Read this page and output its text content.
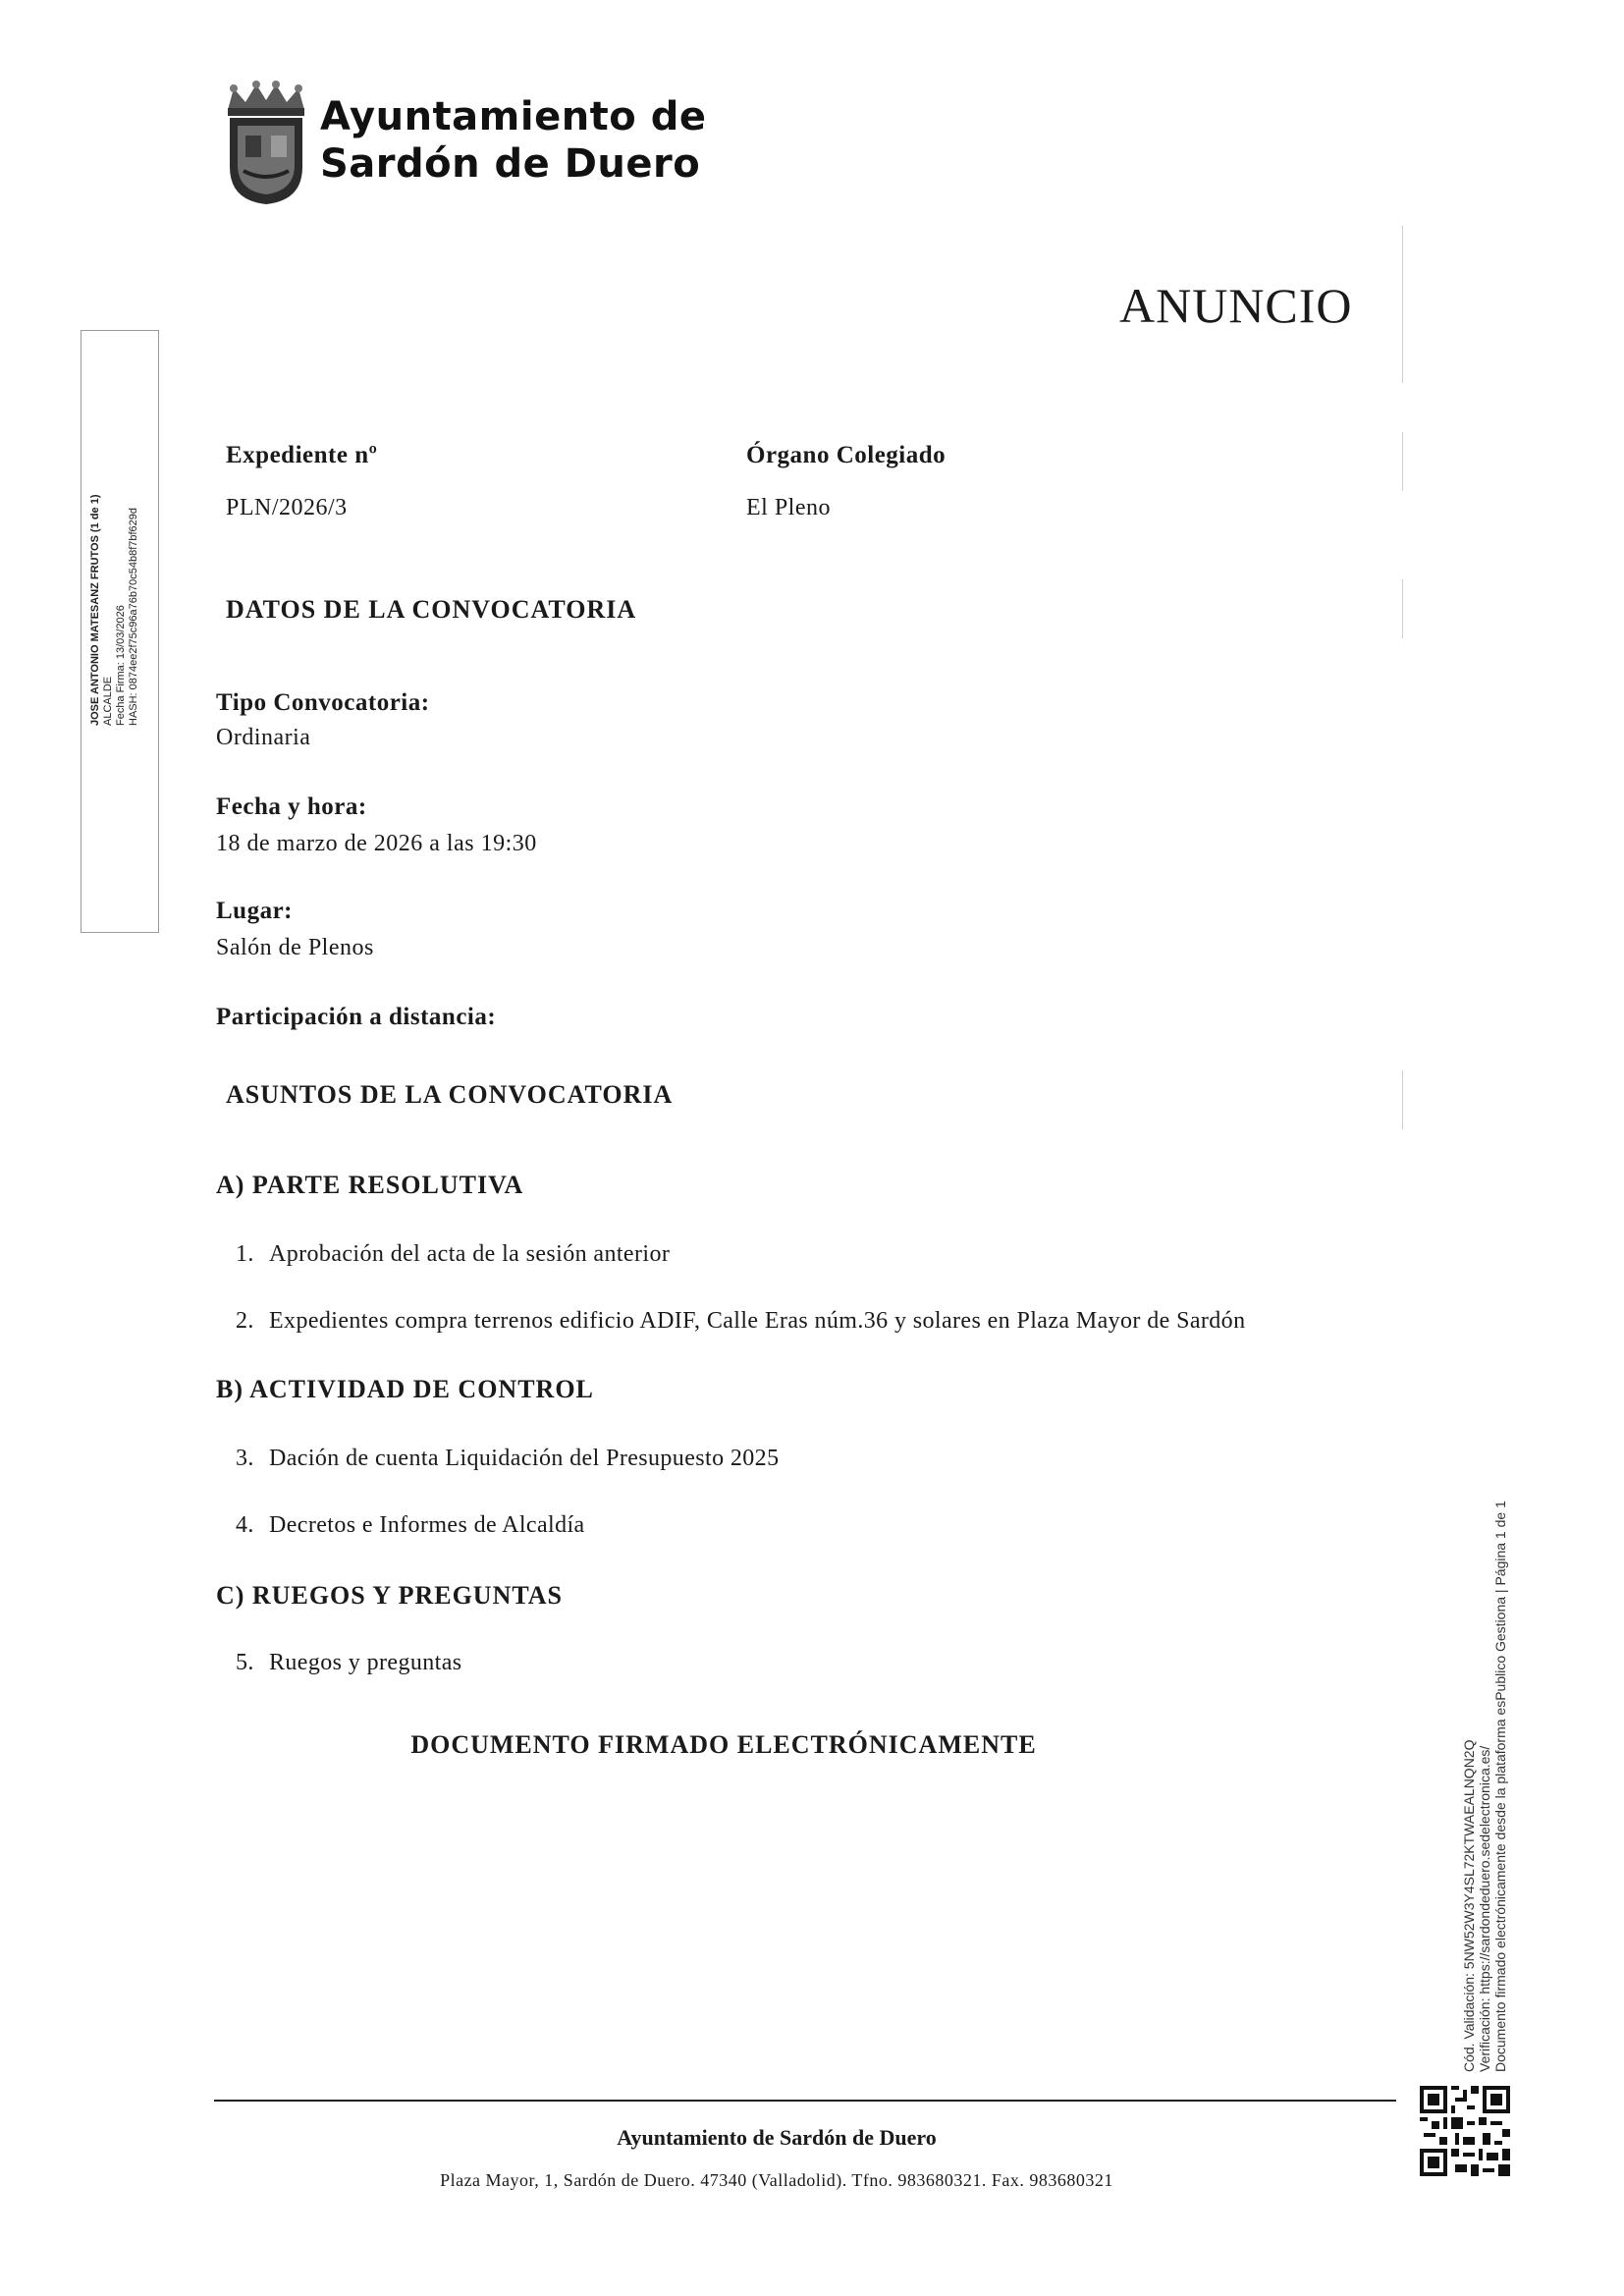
Ayuntamiento de
Sardón de Duero
ANUNCIO
JOSE ANTONIO MATESANZ FRUTOS (1 de 1) ALCALDE Fecha Firma: 13/03/2026 HASH: 0874ee2f75c96a76b70c54b8f7bf629d
Expediente nº
PLN/2026/3
Órgano Colegiado
El Pleno
DATOS DE LA CONVOCATORIA
Tipo Convocatoria:
Ordinaria
Fecha y hora:
18 de marzo de 2026 a las 19:30
Lugar:
Salón de Plenos
Participación a distancia:
ASUNTOS DE LA CONVOCATORIA
A) PARTE RESOLUTIVA
1. Aprobación del acta de la sesión anterior
2. Expedientes compra terrenos edificio ADIF, Calle Eras núm.36 y solares en Plaza Mayor de Sardón
B) ACTIVIDAD DE CONTROL
3. Dación de cuenta Liquidación del Presupuesto 2025
4. Decretos e Informes de Alcaldía
C) RUEGOS Y PREGUNTAS
5. Ruegos y preguntas
DOCUMENTO FIRMADO ELECTRÓNICAMENTE	Cód. Validación: 5NW52W3Y4SL72KTWAEALNQN2Q Verificación: https://sardondeduero.sedelectronica.es/ Documento firmado electrónicamente desde la plataforma esPublico Gestiona | Página 1 de 1
Ayuntamiento de Sardón de Duero
Plaza Mayor, 1, Sardón de Duero. 47340 (Valladolid). Tfno. 983680321. Fax. 983680321
